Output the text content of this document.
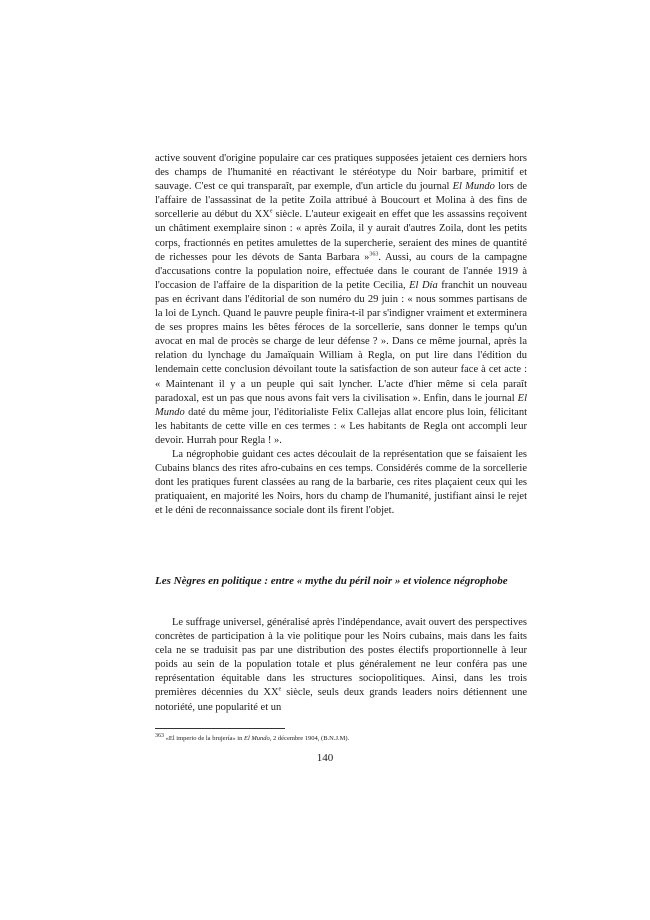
active souvent d'origine populaire car ces pratiques supposées jetaient ces derniers hors des champs de l'humanité en réactivant le stéréotype du Noir barbare, primitif et sauvage. C'est ce qui transparaît, par exemple, d'un article du journal El Mundo lors de l'affaire de l'assassinat de la petite Zoila attribué à Boucourt et Molina à des fins de sorcellerie au début du XXe siècle. L'auteur exigeait en effet que les assassins reçoivent un châtiment exemplaire sinon : « après Zoila, il y aurait d'autres Zoila, dont les petits corps, fractionnés en petites amulettes de la supercherie, seraient des mines de quantité de richesses pour les dévots de Santa Barbara »$^{363}$. Aussi, au cours de la campagne d'accusations contre la population noire, effectuée dans le courant de l'année 1919 à l'occasion de l'affaire de la disparition de la petite Cecilia, El Día franchit un nouveau pas en écrivant dans l'éditorial de son numéro du 29 juin : « nous sommes partisans de la loi de Lynch. Quand le pauvre peuple finira-t-il par s'indigner vraiment et exterminera de ses propres mains les bêtes féroces de la sorcellerie, sans donner le temps qu'un avocat en mal de procès se charge de leur défense ? ». Dans ce même journal, après la relation du lynchage du Jamaïquain William à Regla, on put lire dans l'édition du lendemain cette conclusion dévoilant toute la satisfaction de son auteur face à cet acte : « Maintenant il y a un peuple qui sait lyncher. L'acte d'hier même si cela paraît paradoxal, est un pas que nous avons fait vers la civilisation ». Enfin, dans le journal El Mundo daté du même jour, l'éditorialiste Felix Callejas allat encore plus loin, félicitant les habitants de cette ville en ces termes : « Les habitants de Regla ont accompli leur devoir. Hurrah pour Regla ! ».

La négrophobie guidant ces actes découlait de la représentation que se faisaient les Cubains blancs des rites afro-cubains en ces temps. Considérés comme de la sorcellerie dont les pratiques furent classées au rang de la barbarie, ces rites plaçaient ceux qui les pratiquaient, en majorité les Noirs, hors du champ de l'humanité, justifiant ainsi le rejet et le déni de reconnaissance sociale dont ils firent l'objet.

Les Nègres en politique : entre « mythe du péril noir » et violence négrophobe

Le suffrage universel, généralisé après l'indépendance, avait ouvert des perspectives concrètes de participation à la vie politique pour les Noirs cubains, mais dans les faits cela ne se traduisit pas par une distribution des postes électifs proportionnelle à leur poids au sein de la population totale et plus généralement ne leur conféra pas une représentation équitable dans les structures sociopolitiques. Ainsi, dans les trois premières décennies du XXe siècle, seuls deux grands leaders noirs détiennent une notoriété, une popularité et un

$^{363}$ «El imperio de la brujería» in El Mundo, 2 décembre 1904, (B.N.J.M).
140
